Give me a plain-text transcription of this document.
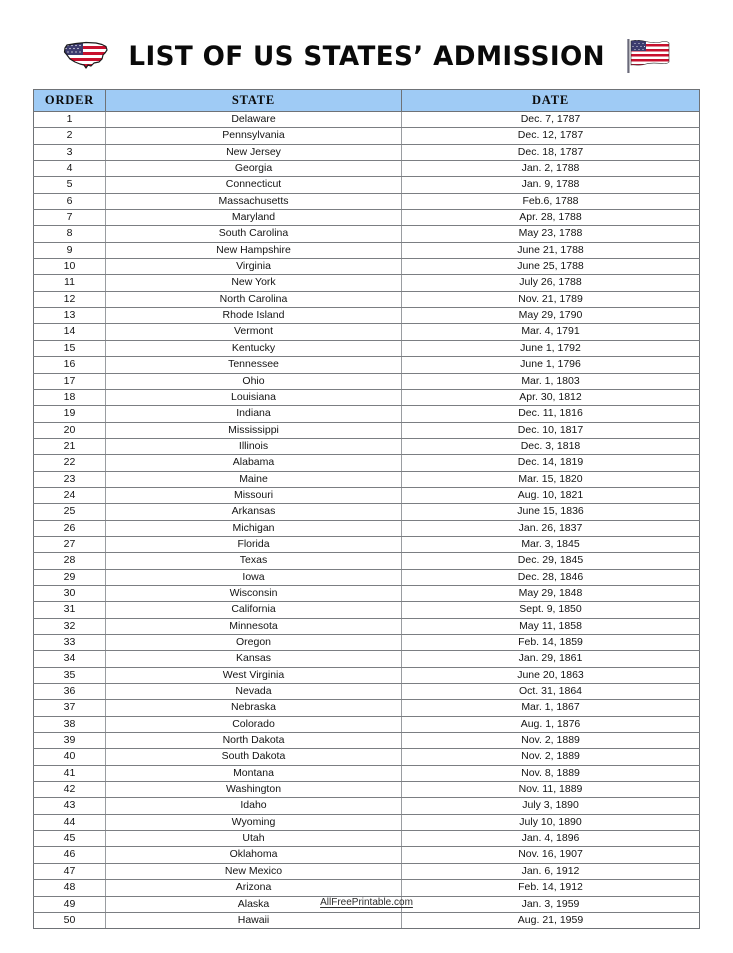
LIST OF US STATES’ ADMISSION
ORDER	STATE	DATE
1	Delaware	Dec. 7, 1787
2	Pennsylvania	Dec. 12, 1787
3	New Jersey	Dec. 18, 1787
4	Georgia	Jan. 2, 1788
5	Connecticut	Jan. 9, 1788
6	Massachusetts	Feb.6, 1788
7	Maryland	Apr. 28, 1788
8	South Carolina	May 23, 1788
9	New Hampshire	June 21, 1788
10	Virginia	June 25, 1788
11	New York	July 26, 1788
12	North Carolina	Nov. 21, 1789
13	Rhode Island	May 29, 1790
14	Vermont	Mar. 4, 1791
15	Kentucky	June 1, 1792
16	Tennessee	June 1, 1796
17	Ohio	Mar. 1, 1803
18	Louisiana	Apr. 30, 1812
19	Indiana	Dec. 11, 1816
20	Mississippi	Dec. 10, 1817
21	Illinois	Dec. 3, 1818
22	Alabama	Dec. 14, 1819
23	Maine	Mar. 15, 1820
24	Missouri	Aug. 10, 1821
25	Arkansas	June 15, 1836
26	Michigan	Jan. 26, 1837
27	Florida	Mar. 3, 1845
28	Texas	Dec. 29, 1845
29	Iowa	Dec. 28, 1846
30	Wisconsin	May 29, 1848
31	California	Sept. 9, 1850
32	Minnesota	May 11, 1858
33	Oregon	Feb. 14, 1859
34	Kansas	Jan. 29, 1861
35	West Virginia	June 20, 1863
36	Nevada	Oct. 31, 1864
37	Nebraska	Mar. 1, 1867
38	Colorado	Aug. 1, 1876
39	North Dakota	Nov. 2, 1889
40	South Dakota	Nov. 2, 1889
41	Montana	Nov. 8, 1889
42	Washington	Nov. 11, 1889
43	Idaho	July 3, 1890
44	Wyoming	July 10, 1890
45	Utah	Jan. 4, 1896
46	Oklahoma	Nov. 16, 1907
47	New Mexico	Jan. 6, 1912
48	Arizona	Feb. 14, 1912
49	Alaska	Jan. 3, 1959
50	Hawaii	Aug. 21, 1959
AllFreePrintable.com
